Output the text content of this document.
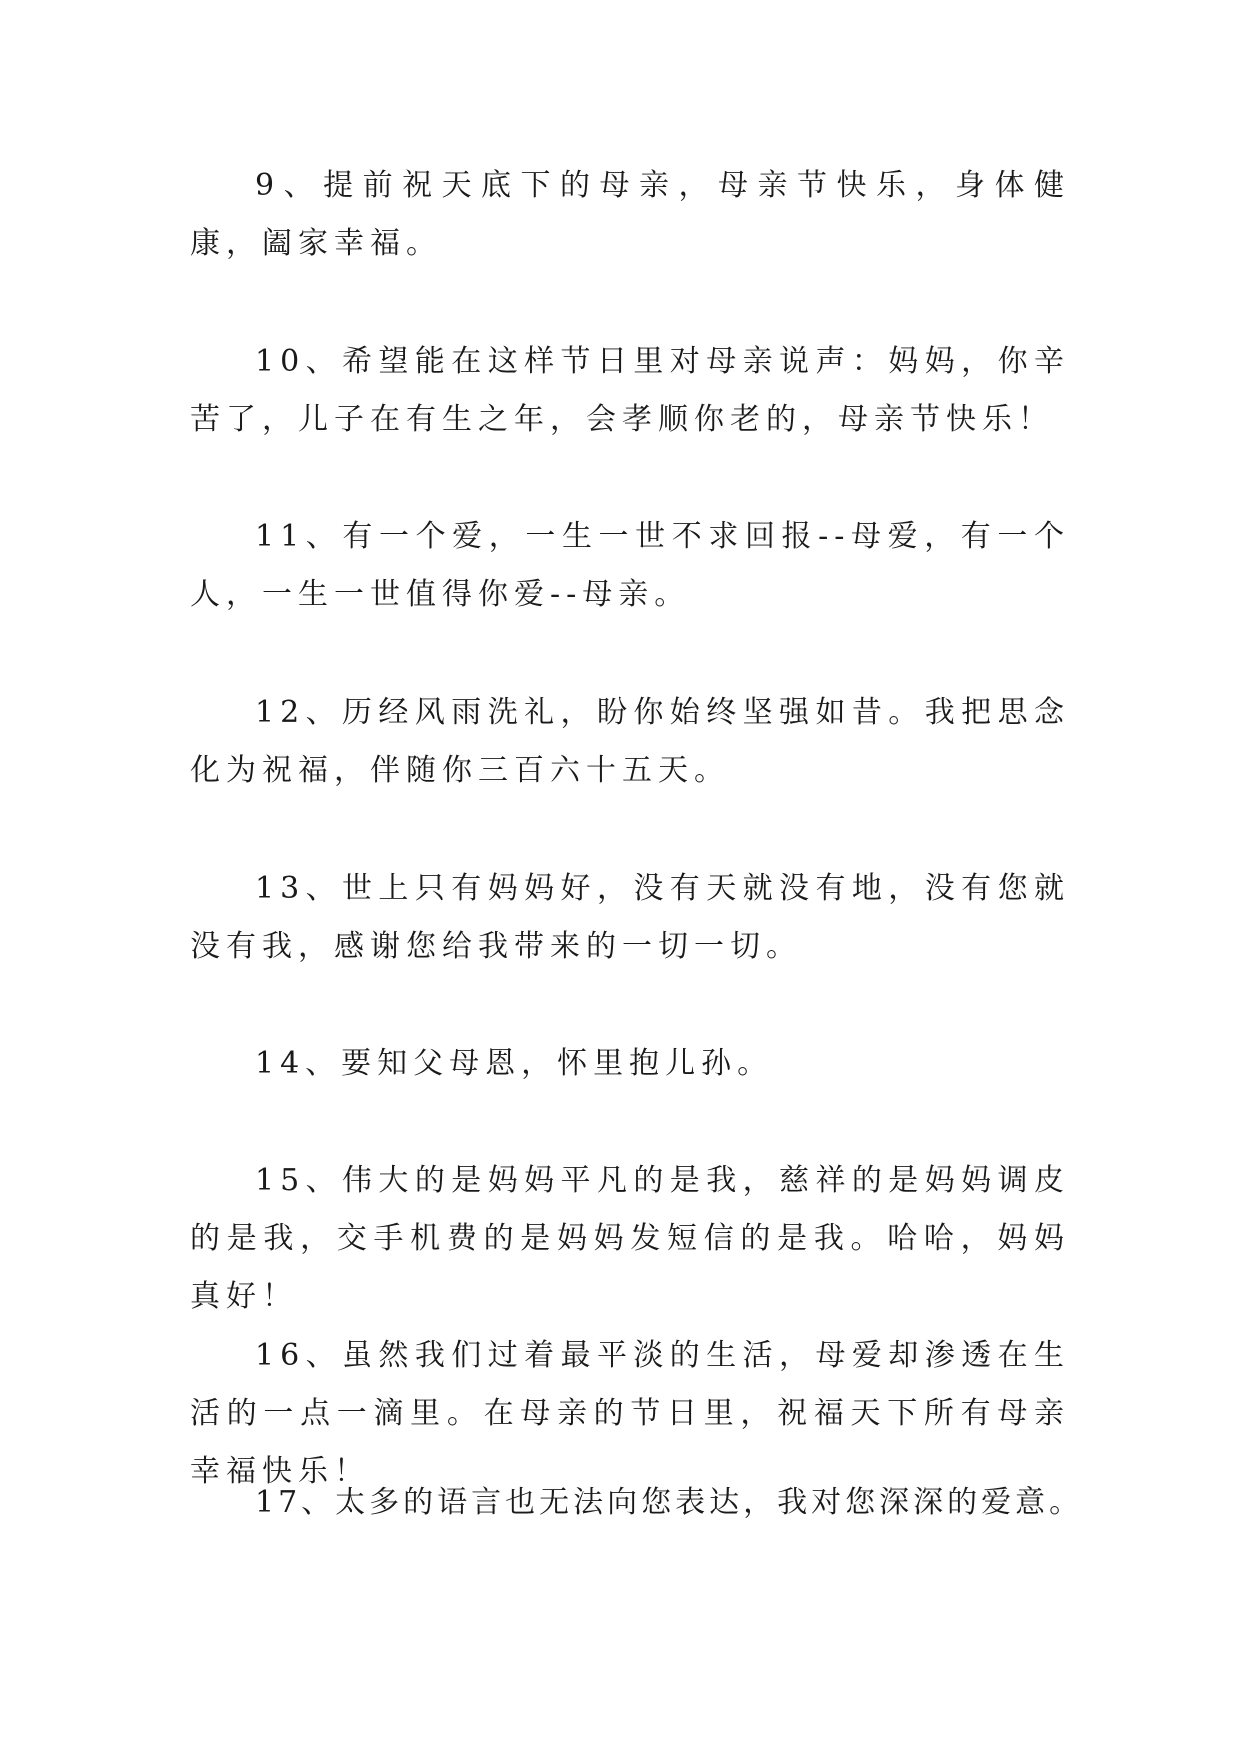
9、提前祝天底下的母亲，母亲节快乐，身体健康，阖家幸福。

10、希望能在这样节日里对母亲说声：妈妈，你辛苦了，儿子在有生之年，会孝顺你老的，母亲节快乐！

11、有一个爱，一生一世不求回报--母爱，有一个人，一生一世值得你爱--母亲。

12、历经风雨洗礼，盼你始终坚强如昔。我把思念化为祝福，伴随你三百六十五天。

13、世上只有妈妈好，没有天就没有地，没有您就没有我，感谢您给我带来的一切一切。

14、要知父母恩，怀里抱儿孙。

15、伟大的是妈妈平凡的是我，慈祥的是妈妈调皮的是我，交手机费的是妈妈发短信的是我。哈哈，妈妈真好！

16、虽然我们过着最平淡的生活，母爱却渗透在生活的一点一滴里。在母亲的节日里，祝福天下所有母亲幸福快乐！

17、太多的语言也无法向您表达，我对您深深的爱意。
